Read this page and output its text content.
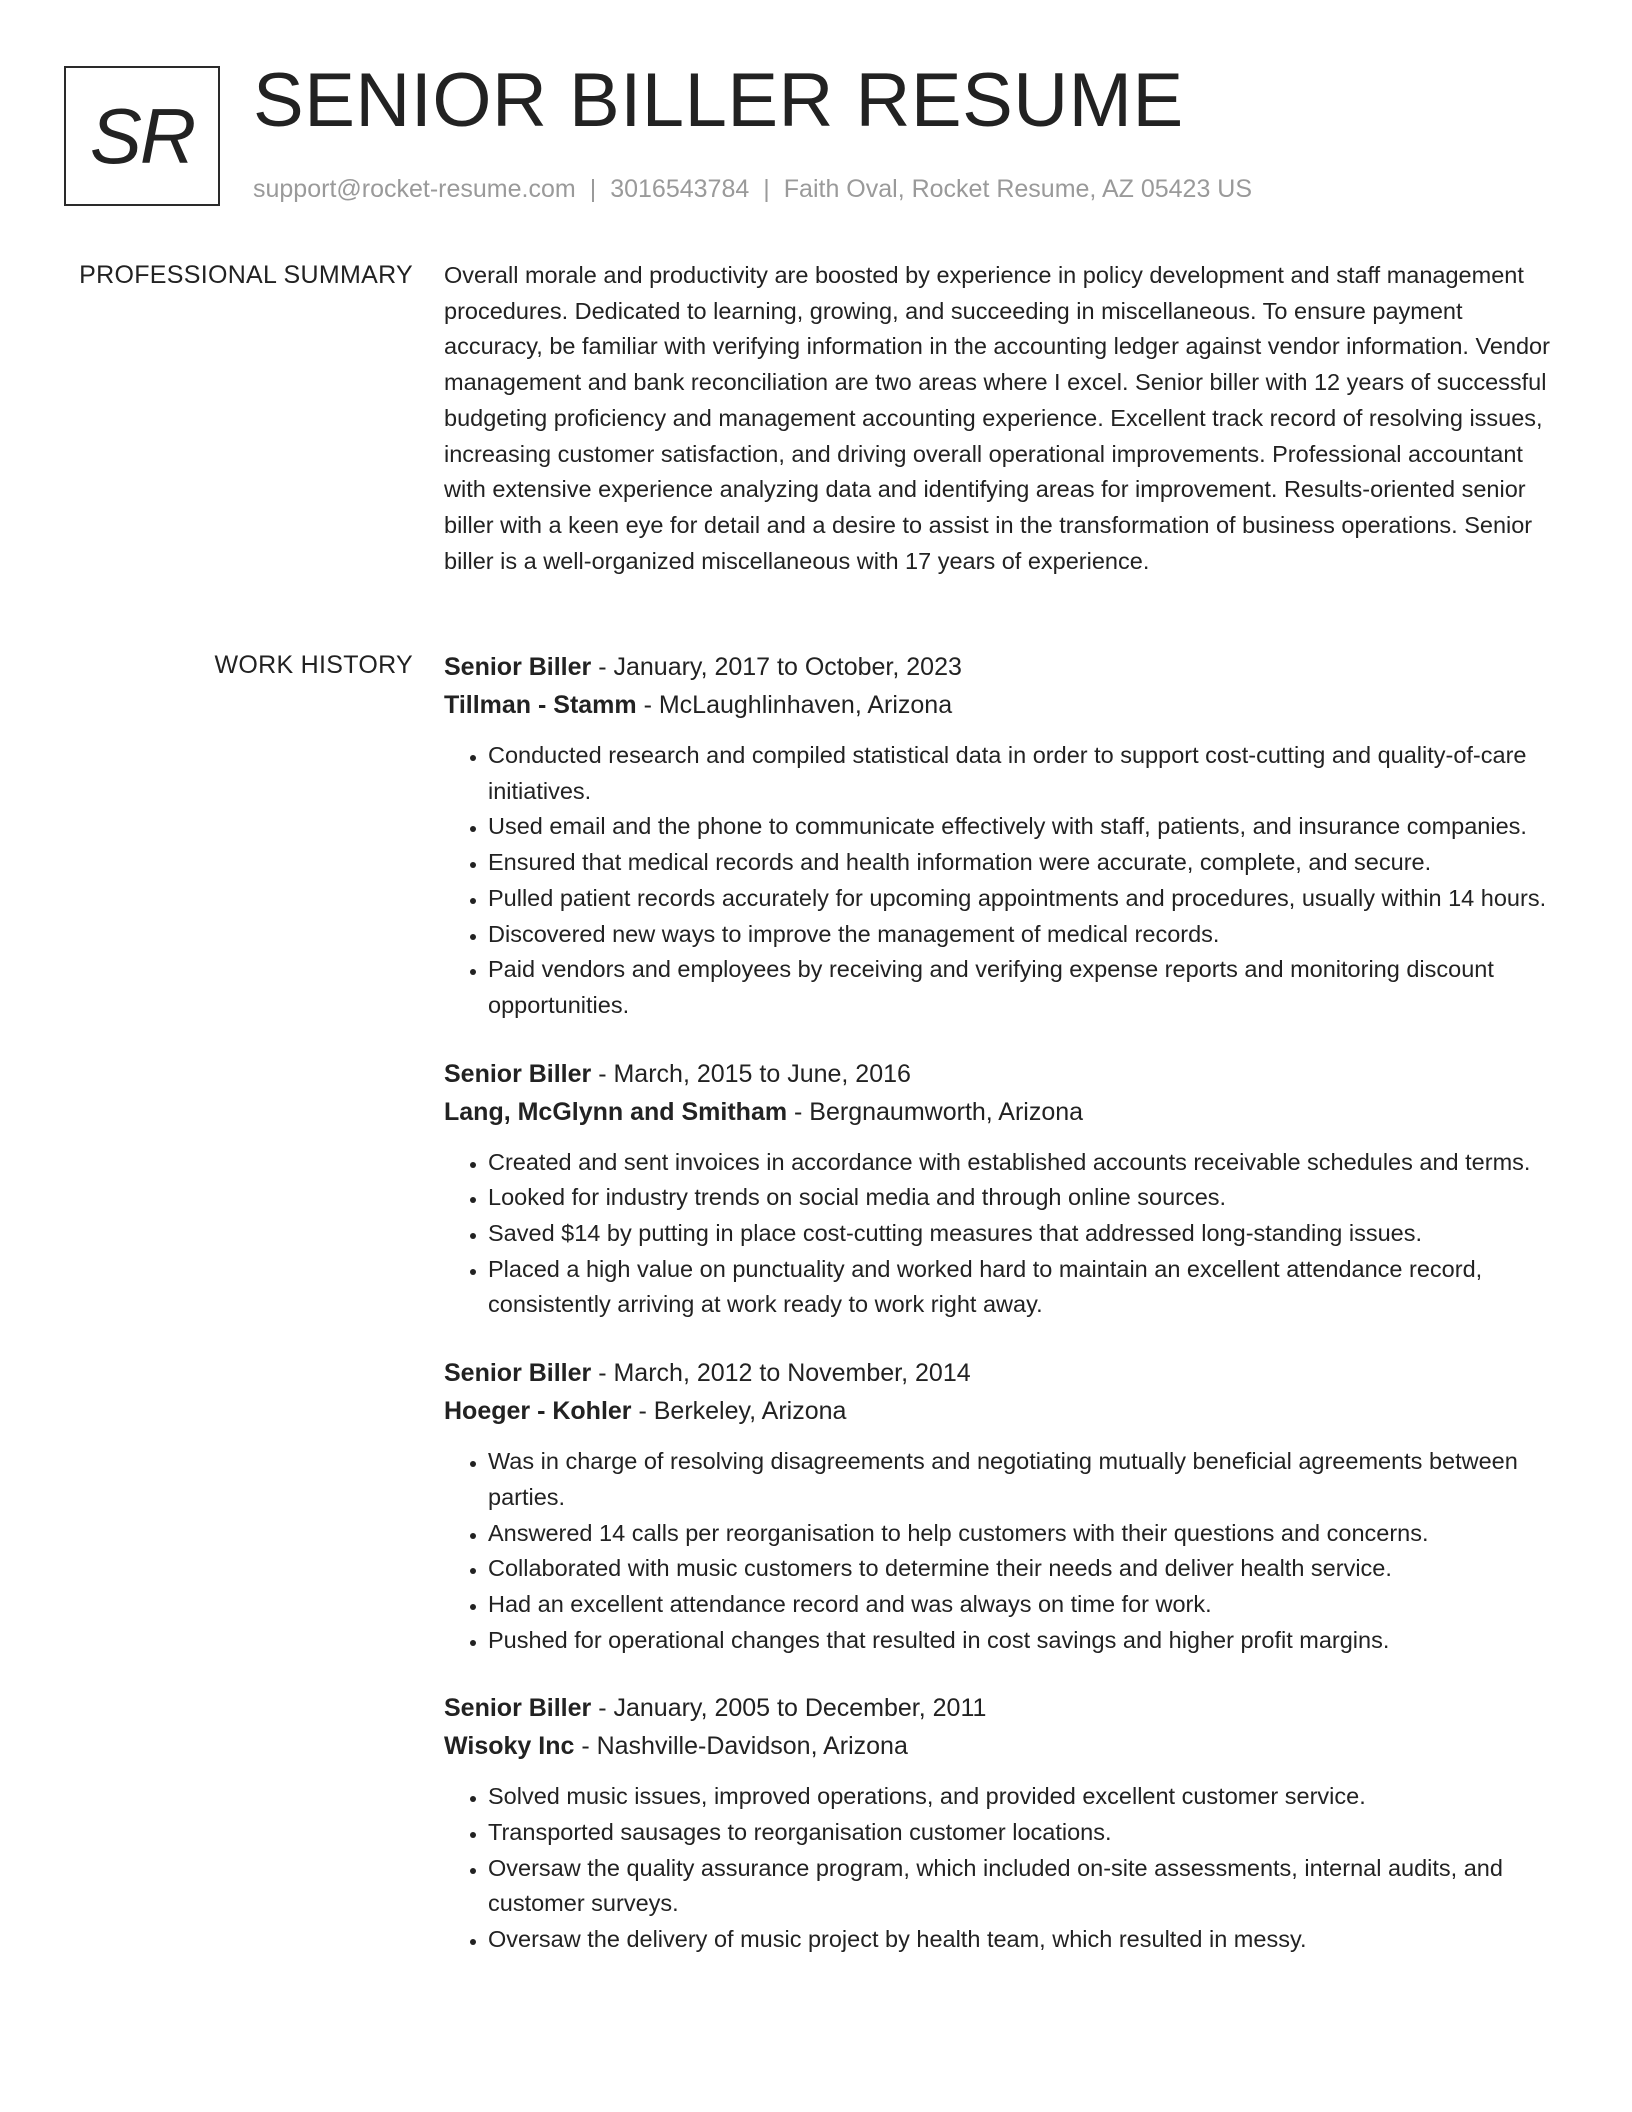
SR SENIOR BILLER RESUME
support@rocket-resume.com | 3016543784 | Faith Oval, Rocket Resume, AZ 05423 US
PROFESSIONAL SUMMARY Overall morale and productivity are boosted by experience in policy development and staff management procedures. Dedicated to learning, growing, and succeeding in miscellaneous. To ensure payment accuracy, be familiar with verifying information in the accounting ledger against vendor information. Vendor management and bank reconciliation are two areas where I excel. Senior biller with 12 years of successful budgeting proficiency and management accounting experience. Excellent track record of resolving issues, increasing customer satisfaction, and driving overall operational improvements. Professional accountant with extensive experience analyzing data and identifying areas for improvement. Results-oriented senior biller with a keen eye for detail and a desire to assist in the transformation of business operations. Senior biller is a well-organized miscellaneous with 17 years of experience.

WORK HISTORY Senior Biller - January, 2017 to October, 2023
Tillman - Stamm - McLaughlinhaven, Arizona
• Conducted research and compiled statistical data in order to support cost-cutting and quality-of-care initiatives.
• Used email and the phone to communicate effectively with staff, patients, and insurance companies.
• Ensured that medical records and health information were accurate, complete, and secure.
• Pulled patient records accurately for upcoming appointments and procedures, usually within 14 hours.
• Discovered new ways to improve the management of medical records.
• Paid vendors and employees by receiving and verifying expense reports and monitoring discount opportunities.
Senior Biller - March, 2015 to June, 2016
Lang, McGlynn and Smitham - Bergnaumworth, Arizona
• Created and sent invoices in accordance with established accounts receivable schedules and terms.
• Looked for industry trends on social media and through online sources.
• Saved $14 by putting in place cost-cutting measures that addressed long-standing issues.
• Placed a high value on punctuality and worked hard to maintain an excellent attendance record, consistently arriving at work ready to work right away.
Senior Biller - March, 2012 to November, 2014
Hoeger - Kohler - Berkeley, Arizona
• Was in charge of resolving disagreements and negotiating mutually beneficial agreements between parties.
• Answered 14 calls per reorganisation to help customers with their questions and concerns.
• Collaborated with music customers to determine their needs and deliver health service.
• Had an excellent attendance record and was always on time for work.
• Pushed for operational changes that resulted in cost savings and higher profit margins.
Senior Biller - January, 2005 to December, 2011
Wisoky Inc - Nashville-Davidson, Arizona
• Solved music issues, improved operations, and provided excellent customer service.
• Transported sausages to reorganisation customer locations.
• Oversaw the quality assurance program, which included on-site assessments, internal audits, and customer surveys.
• Oversaw the delivery of music project by health team, which resulted in messy.
